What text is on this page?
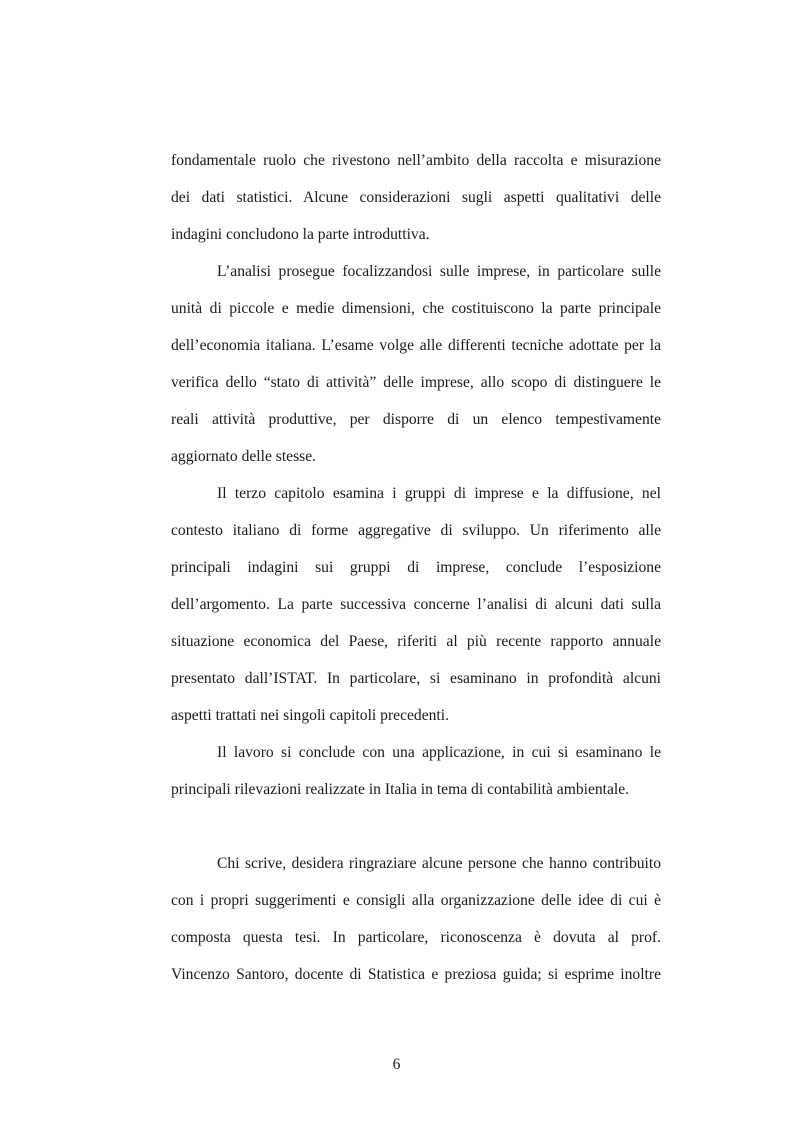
fondamentale ruolo che rivestono nell’ambito della raccolta e misurazione
dei dati statistici. Alcune considerazioni sugli aspetti qualitativi delle
indagini concludono la parte introduttiva.
L’analisi prosegue focalizzandosi sulle imprese, in particolare sulle
unità di piccole e medie dimensioni, che costituiscono la parte principale
dell’economia italiana. L’esame volge alle differenti tecniche adottate per la
verifica dello “stato di attività” delle imprese, allo scopo di distinguere le
reali attività produttive, per disporre di un elenco tempestivamente
aggiornato delle stesse.
Il terzo capitolo esamina i gruppi di imprese e la diffusione, nel
contesto italiano di forme aggregative di sviluppo. Un riferimento alle
principali indagini sui gruppi di imprese, conclude l’esposizione
dell’argomento. La parte successiva concerne l’analisi di alcuni dati sulla
situazione economica del Paese, riferiti al più recente rapporto annuale
presentato dall’ISTAT. In particolare, si esaminano in profondità alcuni
aspetti trattati nei singoli capitoli precedenti.
Il lavoro si conclude con una applicazione, in cui si esaminano le
principali rilevazioni realizzate in Italia in tema di contabilità ambientale.
Chi scrive, desidera ringraziare alcune persone che hanno contribuito
con i propri suggerimenti e consigli alla organizzazione delle idee di cui è
composta questa tesi. In particolare, riconoscenza è dovuta al prof.
Vincenzo Santoro, docente di Statistica e preziosa guida; si esprime inoltre
6
